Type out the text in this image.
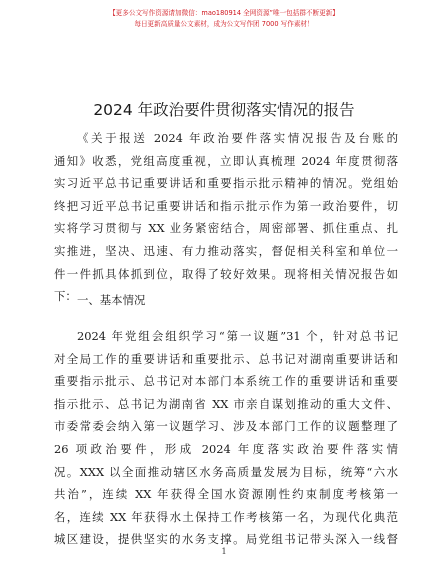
【更多公文写作资源请加微信：mao180914 全网资源”唯一包括群不断更新】
每日更新高质量公文素材，成为公文写作团 7000 写作素材！
2024 年政治要件贯彻落实情况的报告
《关于报送 2024 年政治要件落实情况报告及台账的
通知》收悉，党组高度重视，立即认真梳理 2024 年度贯彻落
实习近平总书记重要讲话和重要指示批示精神的情况。党组始
终把习近平总书记重要讲话和指示批示作为第一政治要件，切
实将学习贯彻与 XX 业务紧密结合，周密部署、抓住重点、扎
实推进，坚决、迅速、有力推动落实，督促相关科室和单位一
件一件抓具体抓到位，取得了较好效果。现将相关情况报告如
下： 一、基本情况
2024 年党组会组织学习“第一议题”31 个，针对总书记
对全局工作的重要讲话和重要批示、总书记对湖南重要讲话和
重要指示批示、总书记对本部门本系统工作的重要讲话和重要
指示批示、总书记为湖南省 XX 市亲自谋划推动的重大文件、
市委常委会纳入第一议题学习、涉及本部门工作的议题整理了
26 项政治要件，形成 2024 年度落实政治要件落实情
况。XXX 以全面推动辖区水务高质量发展为目标，统筹“六水
共治”，连续 XX 年获得全国水资源刚性约束制度考核第一
名，连续 XX 年获得水土保持工作考核第一名，为现代化典范
城区建设，提供坚实的水务支撑。局党组书记带头深入一线督
1
